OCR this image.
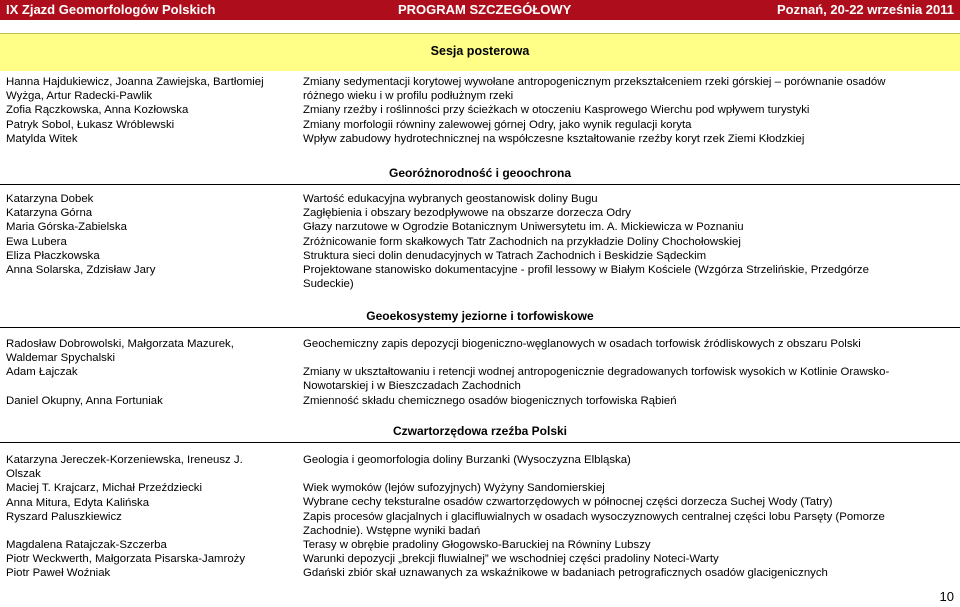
IX Zjazd Geomorfologów Polskich	PROGRAM SZCZEGÓŁOWY	Poznań, 20-22 września 2011
Sesja posterowa
Hanna Hajdukiewicz, Joanna Zawiejska, Bartłomiej
Wyżga, Artur Radecki-Pawlik
Zofia Rączkowska, Anna Kozłowska
Patryk Sobol, Łukasz Wróblewski
Matylda Witek
Zmiany sedymentacji korytowej wywołane antropogenicznym przekształceniem rzeki górskiej – porównanie osadów
różnego wieku i w profilu podłużnym rzeki
Zmiany rzeźby i roślinności przy ścieżkach w otoczeniu Kasprowego Wierchu pod wpływem turystyki
Zmiany morfologii równiny zalewowej górnej Odry, jako wynik regulacji koryta
Wpływ zabudowy hydrotechnicznej na współczesne kształtowanie rzeźby koryt rzek Ziemi Kłodzkiej
Georóżnorodność i geoochrona
Katarzyna Dobek
Katarzyna Górna
Maria Górska-Zabielska
Ewa Lubera
Eliza Płaczkowska
Anna Solarska, Zdzisław Jary
Wartość edukacyjna wybranych geostanowisk doliny Bugu
Zagłębienia i obszary bezodpływowe na obszarze dorzecza Odry
Głazy narzutowe w Ogrodzie Botanicznym Uniwersytetu im. A. Mickiewicza w Poznaniu
Zróżnicowanie form skałkowych Tatr Zachodnich na przykładzie Doliny Chochołowskiej
Struktura sieci dolin denudacyjnych w Tatrach Zachodnich i Beskidzie Sądeckim
Projektowane stanowisko dokumentacyjne - profil lessowy w Białym Kościele (Wzgórza Strzelińskie, Przedgórze
Sudeckie)
Geoekosystemy jeziorne i torfowiskowe
Radosław Dobrowolski, Małgorzata Mazurek,
Waldemar Spychalski
Adam Łajczak
Daniel Okupny, Anna Fortuniak
Geochemiczny zapis depozycji biogeniczno-węglanowych w osadach torfowisk źródliskowych z obszaru Polski
Zmiany w ukształtowaniu i retencji wodnej antropogenicznie degradowanych torfowisk wysokich w Kotlinie Orawsko-
Nowotarskiej i w Bieszczadach Zachodnich
Zmienność składu chemicznego osadów biogenicznych torfowiska Rąbień
Czwartorzędowa rzeźba Polski
Katarzyna Jereczek-Korzeniewska, Ireneusz J.
Olszak
Maciej T. Krajcarz, Michał Przeździecki
Anna Mitura, Edyta Kalińska
Ryszard Paluszkiewicz
Magdalena Ratajczak-Szczerba
Piotr Weckwerth, Małgorzata Pisarska-Jamroży
Piotr Paweł Woźniak
Geologia i geomorfologia doliny Burzanki (Wysoczyzna Elbląska)
Wiek wymoków (lejów sufozyjnych) Wyżyny Sandomierskiej
Wybrane cechy teksturalne osadów czwartorzędowych w północnej części dorzecza Suchej Wody (Tatry)
Zapis procesów glacjalnych i glacifluwialnych w osadach wysoczyznowych centralnej części lobu Parsęty (Pomorze
Zachodnie). Wstępne wyniki badań
Terasy w obrębie pradoliny Głogowsko-Baruckiej na Równiny Lubszy
Warunki depozycji „brekcji fluwialnej” we wschodniej części pradoliny Noteci-Warty
Gdański zbiór skał uznawanych za wskaźnikowe w badaniach petrograficznych osadów glacigenicznych
10
